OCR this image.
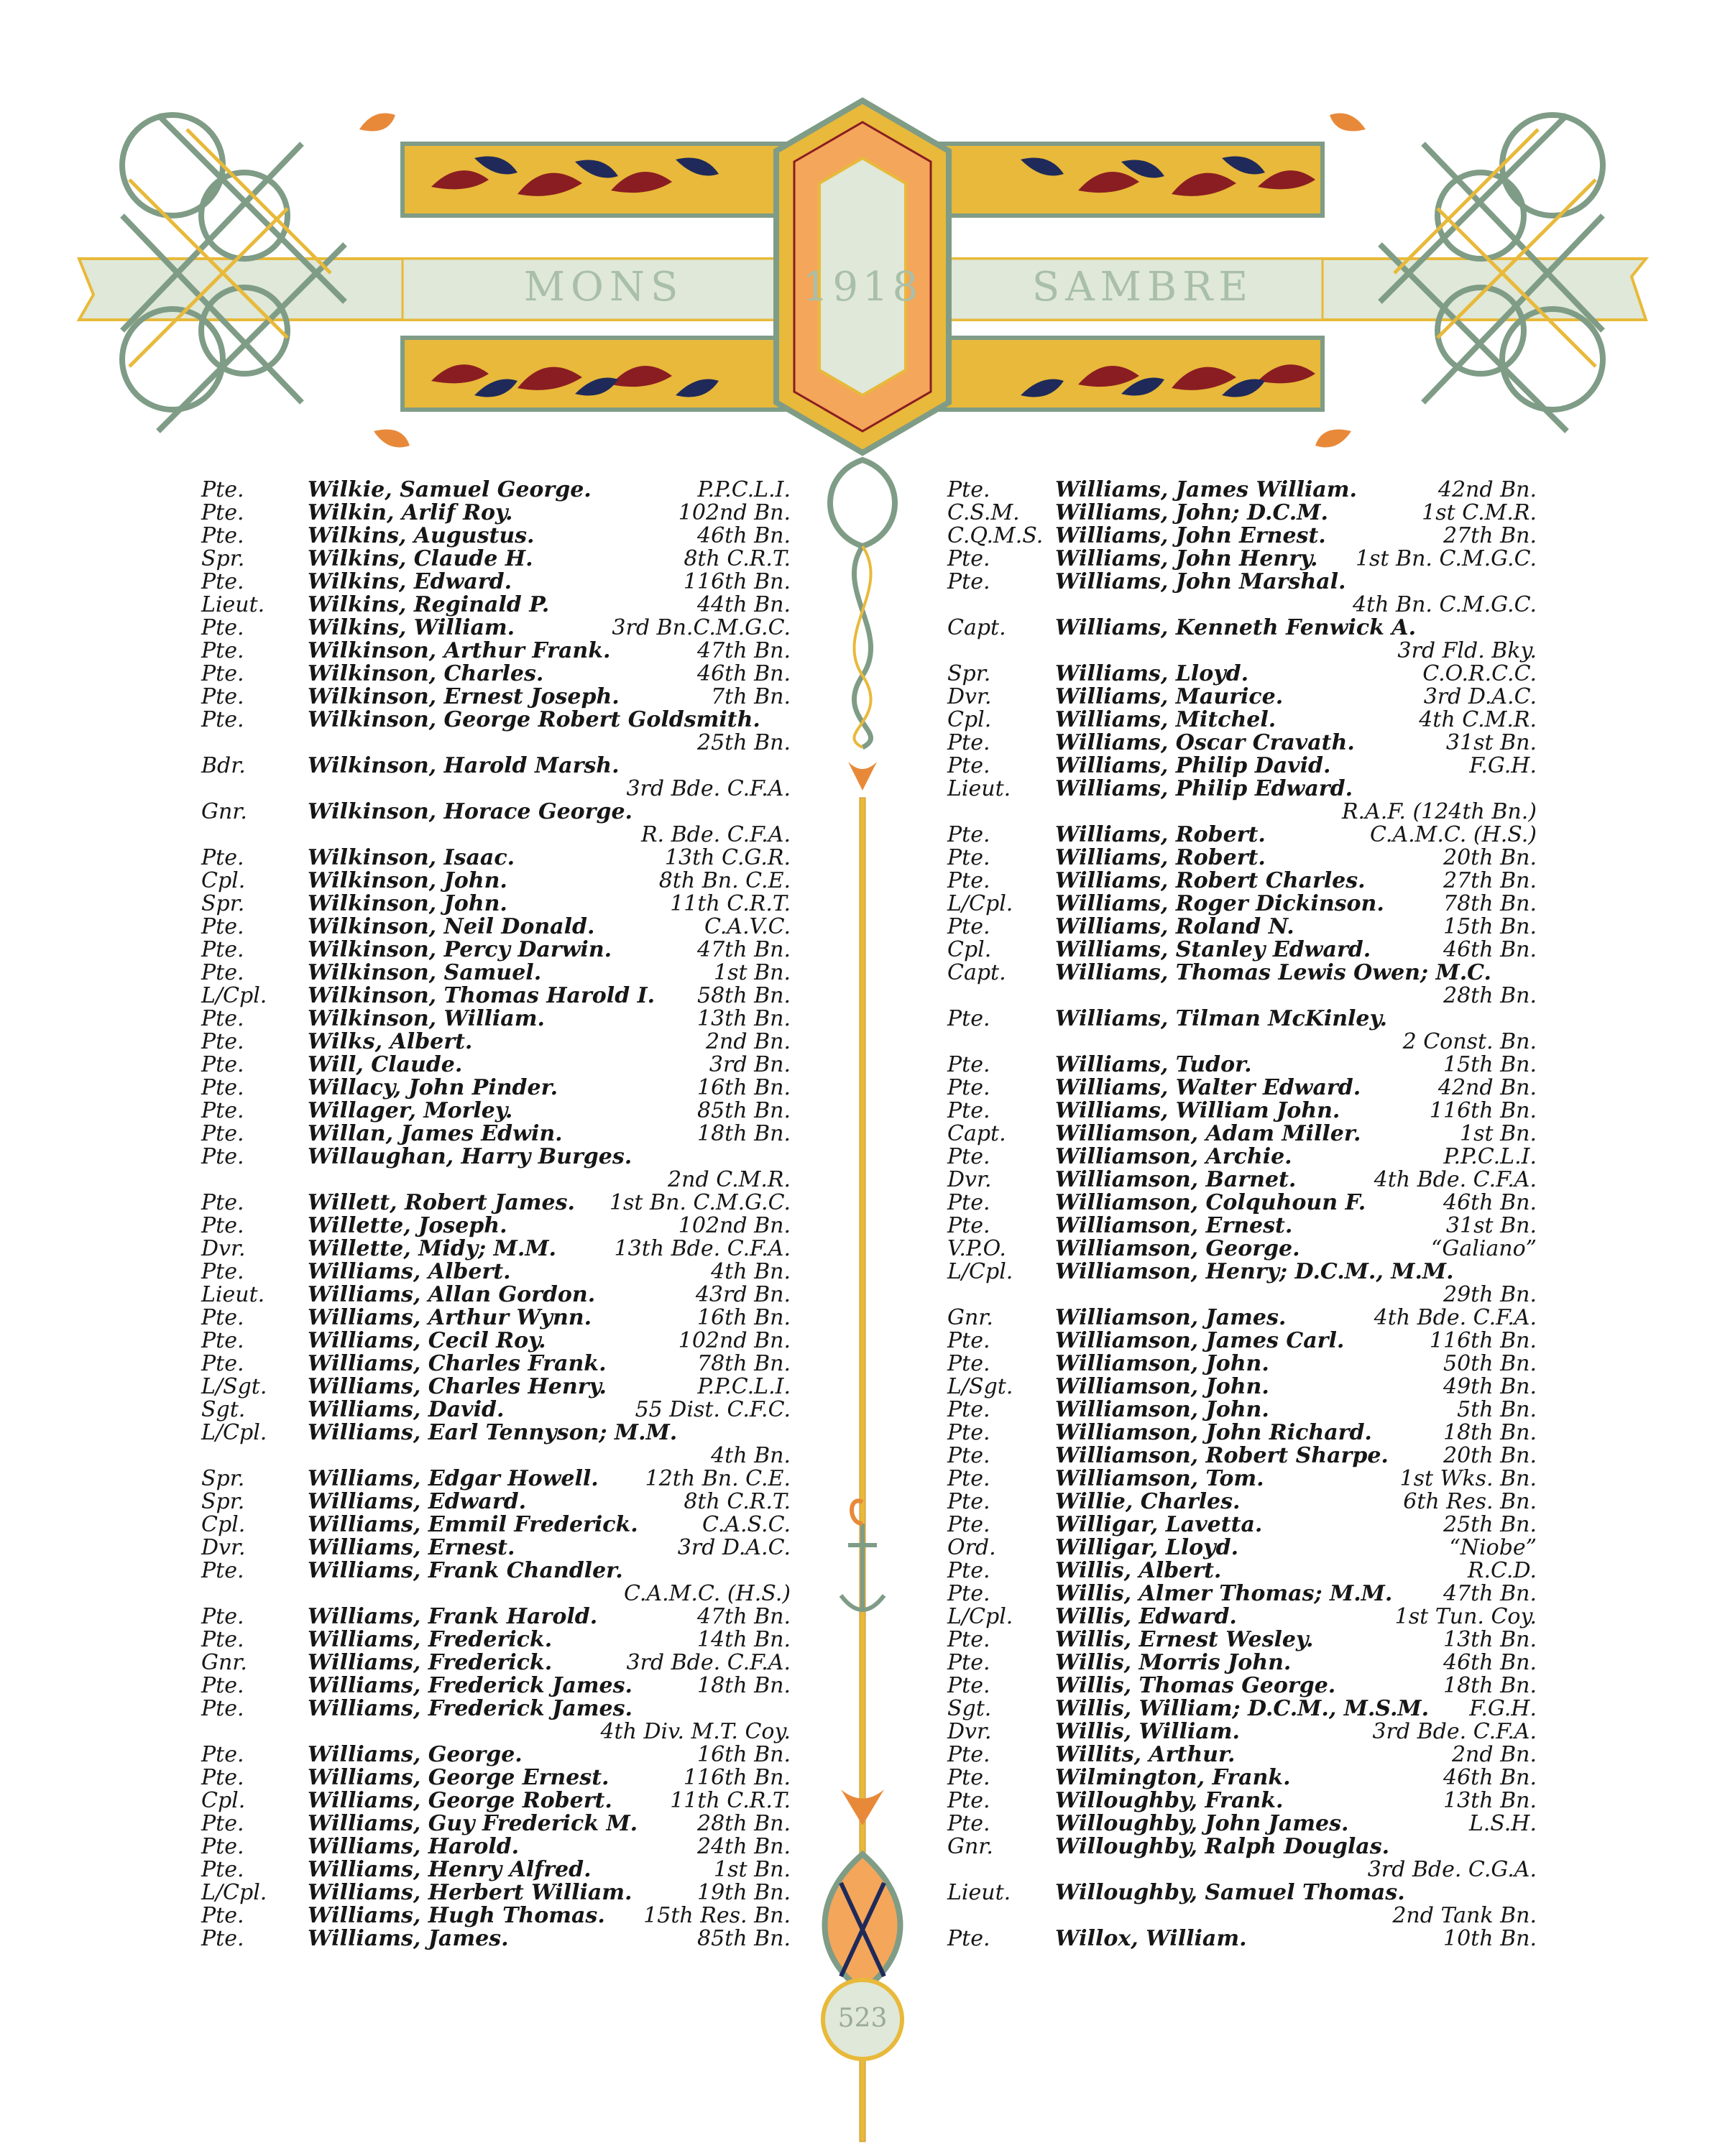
MONS	1918	SAMBRE
523
Pte.	Wilkie, Samuel George.	P.P.C.L.I.
Pte.	Wilkin, Arlif Roy.	102nd Bn.
Pte.	Wilkins, Augustus.	46th Bn.
Spr.	Wilkins, Claude H.	8th C.R.T.
Pte.	Wilkins, Edward.	116th Bn.
Lieut.	Wilkins, Reginald P.	44th Bn.
Pte.	Wilkins, William.	3rd Bn.C.M.G.C.
Pte.	Wilkinson, Arthur Frank.	47th Bn.
Pte.	Wilkinson, Charles.	46th Bn.
Pte.	Wilkinson, Ernest Joseph.	7th Bn.
Pte.	Wilkinson, George Robert Goldsmith.
25th Bn.
Bdr.	Wilkinson, Harold Marsh.
3rd Bde. C.F.A.
Gnr.	Wilkinson, Horace George.
R. Bde. C.F.A.
Pte.	Wilkinson, Isaac.	13th C.G.R.
Cpl.	Wilkinson, John.	8th Bn. C.E.
Spr.	Wilkinson, John.	11th C.R.T.
Pte.	Wilkinson, Neil Donald.	C.A.V.C.
Pte.	Wilkinson, Percy Darwin.	47th Bn.
Pte.	Wilkinson, Samuel.	1st Bn.
L/Cpl.	Wilkinson, Thomas Harold I. 58th Bn.
Pte.	Wilkinson, William.	13th Bn.
Pte.	Wilks, Albert.	2nd Bn.
Pte.	Will, Claude.	3rd Bn.
Pte.	Willacy, John Pinder.	16th Bn.
Pte.	Willager, Morley.	85th Bn.
Pte.	Willan, James Edwin.	18th Bn.
Pte.	Willaughan, Harry Burges.
2nd C.M.R.
Pte.	Willett, Robert James. 1st Bn. C.M.G.C.
Pte.	Willette, Joseph.	102nd Bn.
Dvr.	Willette, Midy; M.M.	13th Bde. C.F.A.
Pte.	Williams, Albert.	4th Bn.
Lieut.	Williams, Allan Gordon.	43rd Bn.
Pte.	Williams, Arthur Wynn.	16th Bn.
Pte.	Williams, Cecil Roy.	102nd Bn.
Pte.	Williams, Charles Frank.	78th Bn.
L/Sgt.	Williams, Charles Henry.	P.P.C.L.I.
Sgt.	Williams, David.	55 Dist. C.F.C.
L/Cpl.	Williams, Earl Tennyson; M.M.
4th Bn.
Spr.	Williams, Edgar Howell. 12th Bn. C.E.
Spr.	Williams, Edward.	8th C.R.T.
Cpl.	Williams, Emmil Frederick.	C.A.S.C.
Dvr.	Williams, Ernest.	3rd D.A.C.
Pte.	Williams, Frank Chandler.
C.A.M.C. (H.S.)
Pte.	Williams, Frank Harold.	47th Bn.
Pte.	Williams, Frederick.	14th Bn.
Gnr.	Williams, Frederick.	3rd Bde. C.F.A.
Pte.	Williams, Frederick James.	18th Bn.
Pte.	Williams, Frederick James.
4th Div. M.T. Coy.
Pte.	Williams, George.	16th Bn.
Pte.	Williams, George Ernest.	116th Bn.
Cpl.	Williams, George Robert.	11th C.R.T.
Pte.	Williams, Guy Frederick M.	28th Bn.
Pte.	Williams, Harold.	24th Bn.
Pte.	Williams, Henry Alfred.	1st Bn.
L/Cpl.	Williams, Herbert William.	19th Bn.
Pte.	Williams, Hugh Thomas. 15th Res. Bn.
Pte.	Williams, James.	85th Bn.
Pte.	Williams, James William.	42nd Bn.
C.S.M.	Williams, John; D.C.M.	1st C.M.R.
C.Q.M.S. Williams, John Ernest.	27th Bn.
Pte.	Williams, John Henry. 1st Bn. C.M.G.C.
Pte.	Williams, John Marshal.
4th Bn. C.M.G.C.
Capt.	Williams, Kenneth Fenwick A.
3rd Fld. Bky.
Spr.	Williams, Lloyd.	C.O.R.C.C.
Dvr.	Williams, Maurice.	3rd D.A.C.
Cpl.	Williams, Mitchel.	4th C.M.R.
Pte.	Williams, Oscar Cravath.	31st Bn.
Pte.	Williams, Philip David.	F.G.H.
Lieut.	Williams, Philip Edward.
R.A.F. (124th Bn.)
Pte.	Williams, Robert.	C.A.M.C. (H.S.)
Pte.	Williams, Robert.	20th Bn.
Pte.	Williams, Robert Charles.	27th Bn.
L/Cpl.	Williams, Roger Dickinson.	78th Bn.
Pte.	Williams, Roland N.	15th Bn.
Cpl.	Williams, Stanley Edward.	46th Bn.
Capt.	Williams, Thomas Lewis Owen; M.C.
28th Bn.
Pte.	Williams, Tilman McKinley.
2 Const. Bn.
Pte.	Williams, Tudor.	15th Bn.
Pte.	Williams, Walter Edward.	42nd Bn.
Pte.	Williams, William John.	116th Bn.
Capt.	Williamson, Adam Miller.	1st Bn.
Pte.	Williamson, Archie.	P.P.C.L.I.
Dvr.	Williamson, Barnet.	4th Bde. C.F.A.
Pte.	Williamson, Colquhoun F.	46th Bn.
Pte.	Williamson, Ernest.	31st Bn.
V.P.O.	Williamson, George.	“Galiano”
L/Cpl.	Williamson, Henry; D.C.M., M.M.
29th Bn.
Gnr.	Williamson, James.	4th Bde. C.F.A.
Pte.	Williamson, James Carl.	116th Bn.
Pte.	Williamson, John.	50th Bn.
L/Sgt.	Williamson, John.	49th Bn.
Pte.	Williamson, John.	5th Bn.
Pte.	Williamson, John Richard.	18th Bn.
Pte.	Williamson, Robert Sharpe.	20th Bn.
Pte.	Williamson, Tom.	1st Wks. Bn.
Pte.	Willie, Charles.	6th Res. Bn.
Pte.	Willigar, Lavetta.	25th Bn.
Ord.	Willigar, Lloyd.	“Niobe”
Pte.	Willis, Albert.	R.C.D.
Pte.	Willis, Almer Thomas; M.M. 47th Bn.
L/Cpl.	Willis, Edward.	1st Tun. Coy.
Pte.	Willis, Ernest Wesley.	13th Bn.
Pte.	Willis, Morris John.	46th Bn.
Pte.	Willis, Thomas George.	18th Bn.
Sgt.	Willis, William; D.C.M., M.S.M. F.G.H.
Dvr.	Willis, William.	3rd Bde. C.F.A.
Pte.	Willits, Arthur.	2nd Bn.
Pte.	Wilmington, Frank.	46th Bn.
Pte.	Willoughby, Frank.	13th Bn.
Pte.	Willoughby, John James.	L.S.H.
Gnr.	Willoughby, Ralph Douglas.
3rd Bde. C.G.A.
Lieut.	Willoughby, Samuel Thomas.
2nd Tank Bn.
Pte.	Willox, William.	10th Bn.
